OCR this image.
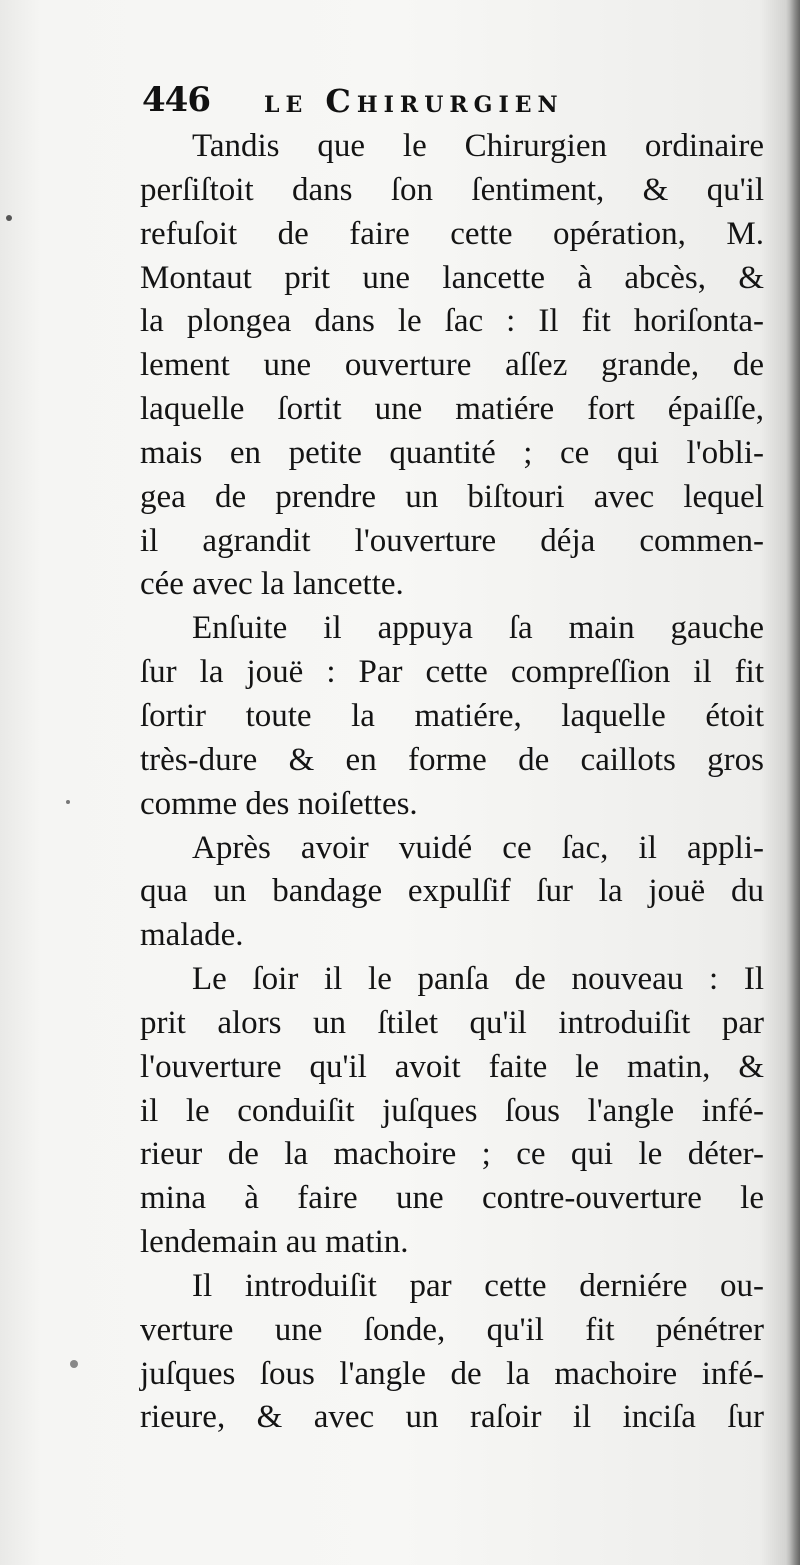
446 le Chirurgien
Tandis que le Chirurgien ordinaire
perſiſtoit dans ſon ſentiment, & qu'il
refuſoit de faire cette opération, M.
Montaut prit une lancette à abcès, &
la plongea dans le ſac : Il fit horiſonta-
lement une ouverture aſſez grande, de
laquelle ſortit une matiére fort épaiſſe,
mais en petite quantité ; ce qui l'obli-
gea de prendre un biſtouri avec lequel
il agrandit l'ouverture déja commen-
cée avec la lancette.
Enſuite il appuya ſa main gauche
ſur la jouë : Par cette compreſſion il fit
ſortir toute la matiére, laquelle étoit
très-dure & en forme de caillots gros
comme des noiſettes.
Après avoir vuidé ce ſac, il appli-
qua un bandage expulſif ſur la jouë du
malade.
Le ſoir il le panſa de nouveau : Il
prit alors un ſtilet qu'il introduiſit par
l'ouverture qu'il avoit faite le matin, &
il le conduiſit juſques ſous l'angle infé-
rieur de la machoire ; ce qui le déter-
mina à faire une contre-ouverture le
lendemain au matin.
Il introduiſit par cette derniére ou-
verture une ſonde, qu'il fit pénétrer
juſques ſous l'angle de la machoire infé-
rieure, & avec un raſoir il inciſa ſur
